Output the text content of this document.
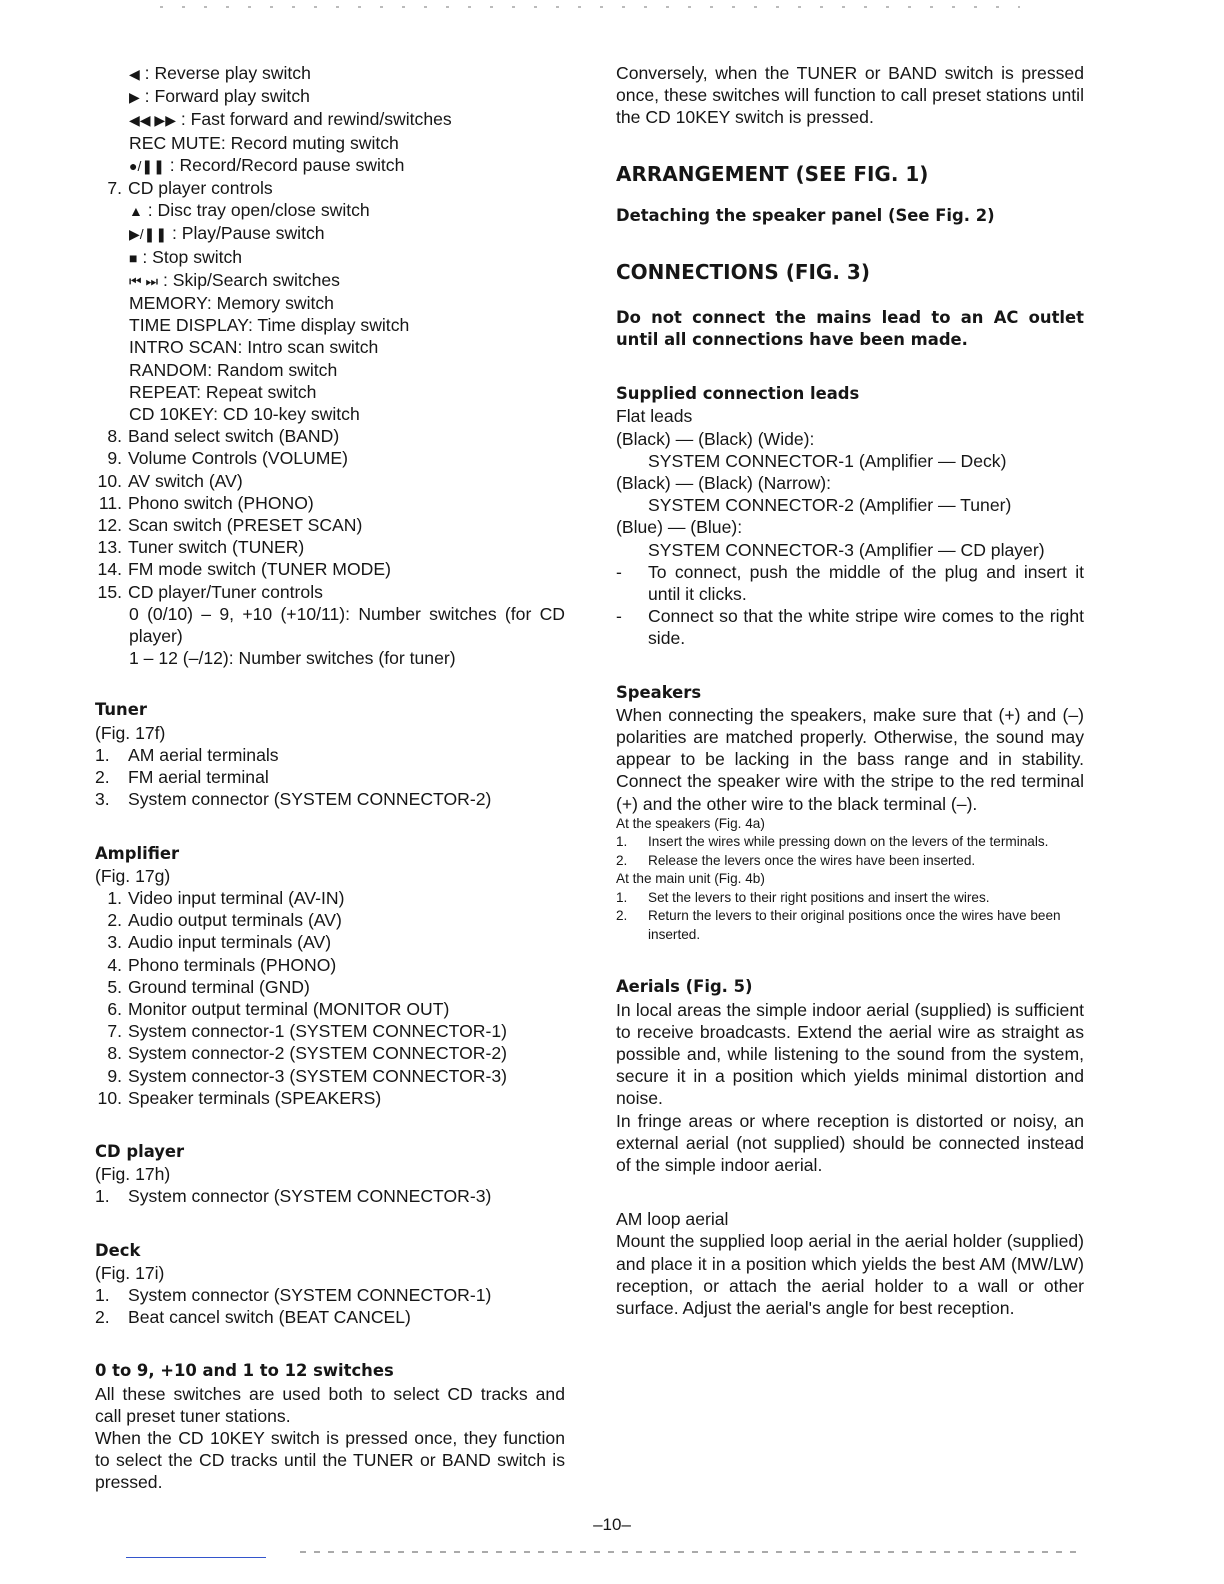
◀ : Reverse play switch
▶ : Forward play switch
◀◀ ▶▶ : Fast forward and rewind/switches
REC MUTE: Record muting switch
●/❚❚ : Record/Record pause switch
7. CD player controls
▲ : Disc tray open/close switch
▶/❚❚ : Play/Pause switch
■ : Stop switch
⏮ ⏭ : Skip/Search switches
MEMORY: Memory switch
TIME DISPLAY: Time display switch
INTRO SCAN: Intro scan switch
RANDOM: Random switch
REPEAT: Repeat switch
CD 10KEY: CD 10-key switch
8. Band select switch (BAND)
9. Volume Controls (VOLUME)
10. AV switch (AV)
11. Phono switch (PHONO)
12. Scan switch (PRESET SCAN)
13. Tuner switch (TUNER)
14. FM mode switch (TUNER MODE)
15. CD player/Tuner controls
0 (0/10) – 9, +10 (+10/11): Number switches (for CD player)
1 – 12 (–/12): Number switches (for tuner)
Tuner
(Fig. 17f)
1.	AM aerial terminals
2.	FM aerial terminal
3.	System connector (SYSTEM CONNECTOR-2)
Amplifier
(Fig. 17g)
1. Video input terminal (AV-IN)
2. Audio output terminals (AV)
3. Audio input terminals (AV)
4. Phono terminals (PHONO)
5. Ground terminal (GND)
6. Monitor output terminal (MONITOR OUT)
7. System connector-1 (SYSTEM CONNECTOR-1)
8. System connector-2 (SYSTEM CONNECTOR-2)
9. System connector-3 (SYSTEM CONNECTOR-3)
10. Speaker terminals (SPEAKERS)
CD player
(Fig. 17h)
1.	System connector (SYSTEM CONNECTOR-3)
Deck
(Fig. 17i)
1.	System connector (SYSTEM CONNECTOR-1)
2.	Beat cancel switch (BEAT CANCEL)
0 to 9, +10 and 1 to 12 switches
All these switches are used both to select CD tracks and call preset tuner stations.
When the CD 10KEY switch is pressed once, they function to select the CD tracks until the TUNER or BAND switch is pressed.
Conversely, when the TUNER or BAND switch is pressed once, these switches will function to call preset stations until the CD 10KEY switch is pressed.
ARRANGEMENT (SEE FIG. 1)
Detaching the speaker panel (See Fig. 2)
CONNECTIONS (FIG. 3)
Do not connect the mains lead to an AC outlet until all connections have been made.
Supplied connection leads
Flat leads
(Black) — (Black) (Wide):
SYSTEM CONNECTOR-1 (Amplifier — Deck)
(Black) — (Black) (Narrow):
SYSTEM CONNECTOR-2 (Amplifier — Tuner)
(Blue) — (Blue):
SYSTEM CONNECTOR-3 (Amplifier — CD player)
- To connect, push the middle of the plug and insert it until it clicks.
- Connect so that the white stripe wire comes to the right side.
Speakers
When connecting the speakers, make sure that (+) and (–) polarities are matched properly. Otherwise, the sound may appear to be lacking in the bass range and in stability. Connect the speaker wire with the stripe to the red terminal (+) and the other wire to the black terminal (–).
At the speakers (Fig. 4a)
1. Insert the wires while pressing down on the levers of the terminals.
2. Release the levers once the wires have been inserted.
At the main unit (Fig. 4b)
1. Set the levers to their right positions and insert the wires.
2. Return the levers to their original positions once the wires have been inserted.
Aerials (Fig. 5)
In local areas the simple indoor aerial (supplied) is sufficient to receive broadcasts. Extend the aerial wire as straight as possible and, while listening to the sound from the system, secure it in a position which yields minimal distortion and noise.
In fringe areas or where reception is distorted or noisy, an external aerial (not supplied) should be connected instead of the simple indoor aerial.
AM loop aerial
Mount the supplied loop aerial in the aerial holder (supplied) and place it in a position which yields the best AM (MW/LW) reception, or attach the aerial holder to a wall or other surface. Adjust the aerial's angle for best reception.
–10–
